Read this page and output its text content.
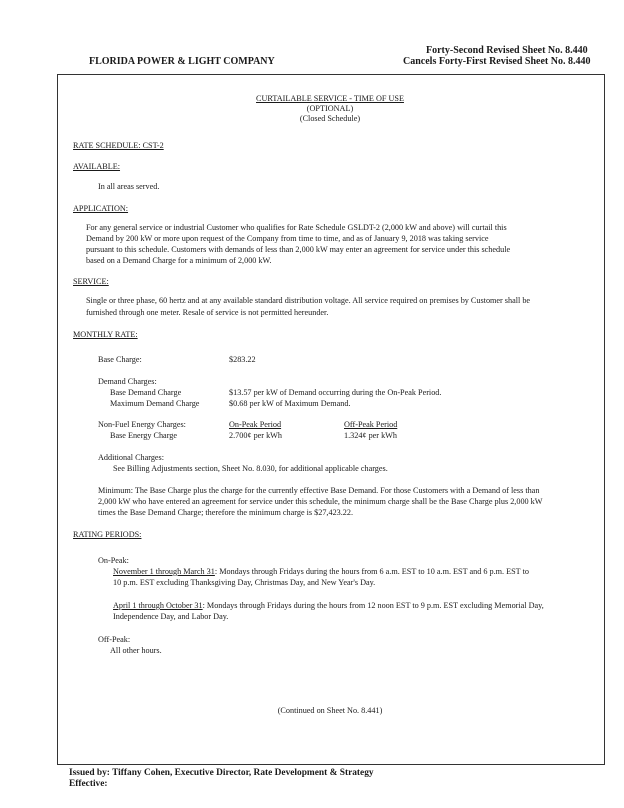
Forty-Second Revised Sheet No. 8.440
FLORIDA POWER & LIGHT COMPANY	Cancels Forty-First Revised Sheet No. 8.440
CURTAILABLE SERVICE - TIME OF USE
(OPTIONAL)
(Closed Schedule)
RATE SCHEDULE: CST-2
AVAILABLE:
In all areas served.
APPLICATION:
For any general service or industrial Customer who qualifies for Rate Schedule GSLDT-2 (2,000 kW and above) will curtail this
Demand by 200 kW or more upon request of the Company from time to time, and as of January 9, 2018 was taking service
pursuant to this schedule. Customers with demands of less than 2,000 kW may enter an agreement for service under this schedule
based on a Demand Charge for a minimum of 2,000 kW.
SERVICE:
Single or three phase, 60 hertz and at any available standard distribution voltage. All service required on premises by Customer shall be
furnished through one meter. Resale of service is not permitted hereunder.
MONTHLY RATE:
Base Charge:	$283.22
Demand Charges:
Base Demand Charge	$13.57 per kW of Demand occurring during the On-Peak Period.
Maximum Demand Charge	$0.68 per kW of Maximum Demand.
Non-Fuel Energy Charges:	On-Peak Period	Off-Peak Period
Base Energy Charge	2.700¢ per kWh	1.324¢ per kWh
Additional Charges:
See Billing Adjustments section, Sheet No. 8.030, for additional applicable charges.
Minimum: The Base Charge plus the charge for the currently effective Base Demand. For those Customers with a Demand of less than
2,000 kW who have entered an agreement for service under this schedule, the minimum charge shall be the Base Charge plus 2,000 kW
times the Base Demand Charge; therefore the minimum charge is $27,423.22.
RATING PERIODS:
On-Peak:
November 1 through March 31: Mondays through Fridays during the hours from 6 a.m. EST to 10 a.m. EST and 6 p.m. EST to
10 p.m. EST excluding Thanksgiving Day, Christmas Day, and New Year's Day.
April 1 through October 31: Mondays through Fridays during the hours from 12 noon EST to 9 p.m. EST excluding Memorial Day,
Independence Day, and Labor Day.
Off-Peak:
All other hours.
(Continued on Sheet No. 8.441)
Issued by: Tiffany Cohen, Executive Director, Rate Development & Strategy
Effective:
